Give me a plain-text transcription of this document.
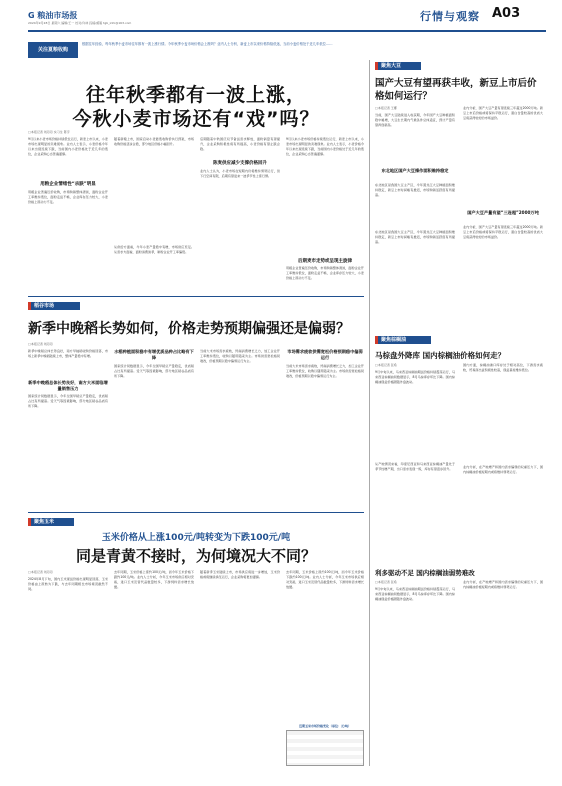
G 粮油市场报
2024年9月28日 星期六 编辑/王一 校对/许林 投稿/邮箱 tgb_info@163.com	行情与观察 A03
关注夏粮收购
根据往年经验，每年秋季小麦市场往年都有一波上涨行情。今年秋季小麦市场价格会上涨吗？业内人士分析，新麦上市以来价格持续低迷，当前小麦价格处于近几年低位……
往年秋季都有一波上涨，
今秋小麦市场还有“戏”吗？
□本报记者 刘丹丹 实习生 陈宇
9月以来小麦市场价格持续低位运行，新麦上市以来，小麦市场出现明显的卖难现象。业内人士表示，小麦价格今年以来出现连续下跌，当前国内小麦价格处于近几年的低位，企业采购心态普遍谨慎。
用粮企业情绪性“杀跌”明显
用粮企业普遍压价收购，市场购销整体清淡，面粉企业开工率维持低位，面粉走货不畅，企业库存压力较大，小麦价格上涨动力不足。
随着新粮上市，国家启动小麦最低收购价执行预案，市场收购价格逐步企稳，部分地区价格小幅回升。
陈麦供应减少支撑价格回升
从供给方面看，今年小麦产量稳中有增，市场供应充足。从需求方面看，面粉消费淡季，制粉企业开工率偏低。
后期随着中秋国庆双节备货需求释放，面粉销量有望提升，企业采购积极性将有所提高，小麦价格有望止跌企稳。
业内人士认为，小麦市场在短期内仍将维持弱势运行，但下行空间有限，后期有望迎来一波季节性上涨行情。
9月以来小麦市场价格持续低位运行，新麦上市以来，小麦市场出现明显的卖难现象。业内人士表示，小麦价格今年以来出现连续下跌，当前国内小麦价格处于近几年的低位，企业采购心态普遍谨慎。
后期麦市走势或呈现主旋律
用粮企业普遍压价收购，市场购销整体清淡，面粉企业开工率维持低位，面粉走货不畅，企业库存压力较大，小麦价格上涨动力不足。
稻谷市场
新季中晚稻长势如何，价格走势预期偏强还是偏弱？
□本报记者 刘丹丹
新季中晚稻总体长势良好，南方大米面临增量销售压力
新季中晚稻总体长势良好，南方早籼稻收购价格回落，市场上新季中晚稻陆续上市，整体产量稳中有增。
国家统计局数据显示，今年全国早稻总产量稳定，优质稻占比有所提高。受天气等因素影响，部分地区稻谷品质有所下降。
水稻种植面积稳中有增优质品种占比略有下降
国家统计局数据显示，今年全国早稻总产量稳定，优质稻占比有所提高。受天气等因素影响，部分地区稻谷品质有所下降。
当前大米市场需求疲软，终端消费增长乏力，加工企业开工率维持低位，收购以随用随采为主。市场供需宽松格局难改，价格预期以稳中偏弱运行为主。
市场需求疲软供需宽松价格预期稳中偏弱运行
当前大米市场需求疲软，终端消费增长乏力，加工企业开工率维持低位，收购以随用随采为主。市场供需宽松格局难改，价格预期以稳中偏弱运行为主。
聚焦玉米
玉米价格从上涨100元/吨转变为下跌100元/吨
同是青黄不接时，为何境况大不同？
□本报记者 刘丹丹
2024年8月下旬，国内玉米现货价格出现明显回落，玉米价格由上涨转为下跌，与去年同期相比市场境况截然不同。
去年同期，玉米价格上涨约100元/吨，而今年玉米价格下跌约100元/吨。业内人士分析，今年玉米市场供应相对充裕，进口玉米及替代品数量较多，下游饲料需求增长放缓。
随着新季玉米陆续上市，市场供应将进一步增加，玉米价格或将继续承压运行，企业采购将更加谨慎。
去年同期，玉米价格上涨约100元/吨，而今年玉米价格下跌约100元/吨。业内人士分析，今年玉米市场供应相对充裕，进口玉米及替代品数量较多，下游饲料需求增长放缓。
近期玉米市场价格变化（单位：元/吨）
聚焦大豆
国产大豆有望再获丰收，新豆上市后价格如何运行？
□本报记者 王娜
当前，国产大豆陆续进入收获期，今年国产大豆种植面积稳中略增，大豆生长期内气候条件总体适宜，预计产量有望再创新高。
东北地区国产大豆操作面积维持稳定
东北地区是我国大豆主产区，今年黑龙江大豆种植面积维持稳定，新豆上市时间略有推迟，市场购销活跃度有所提高。
业内分析，国产大豆产量有望连续三年超过2000万吨。新豆上市后价格或将保持平稳运行，蛋白含量较高的优质大豆将获得较好的市场溢价。
国产大豆产量有望“三连超”2000万吨
东北地区是我国大豆主产区，今年黑龙江大豆种植面积维持稳定，新豆上市时间略有推迟，市场购销活跃度有所提高。
业内分析，国产大豆产量有望连续三年超过2000万吨。新豆上市后价格或将保持平稳运行，蛋白含量较高的优质大豆将获得较好的市场溢价。
聚焦棕榈油
马棕盘外降库 国内棕榈油价格如何走？
□本报记者 张希
9月中旬以来，马来西亚棕榈油期货价格持续震荡运行，马来西亚棕榈油局数据显示，8月马棕库存环比下降。国内棕榈油现货价格跟随外盘波动。
从产地情况来看，印度尼西亚和马来西亚棕榈油产量处于季节性增产期，出口需求表现一般，库存有望逐步回升。
国内方面，棕榈油港口库存处于相对高位，下游需求疲软，贸易商出货积极性较高，现货基差维持低位。
业内分析，在产地增产和国内需求偏弱的双重压力下，国内棕榈油价格短期内或将维持弱势运行。
利多驱动不足 国内棕榈油弱势难改
□本报记者 张希
9月中旬以来，马来西亚棕榈油期货价格持续震荡运行，马来西亚棕榈油局数据显示，8月马棕库存环比下降。国内棕榈油现货价格跟随外盘波动。
业内分析，在产地增产和国内需求偏弱的双重压力下，国内棕榈油价格短期内或将维持弱势运行。
